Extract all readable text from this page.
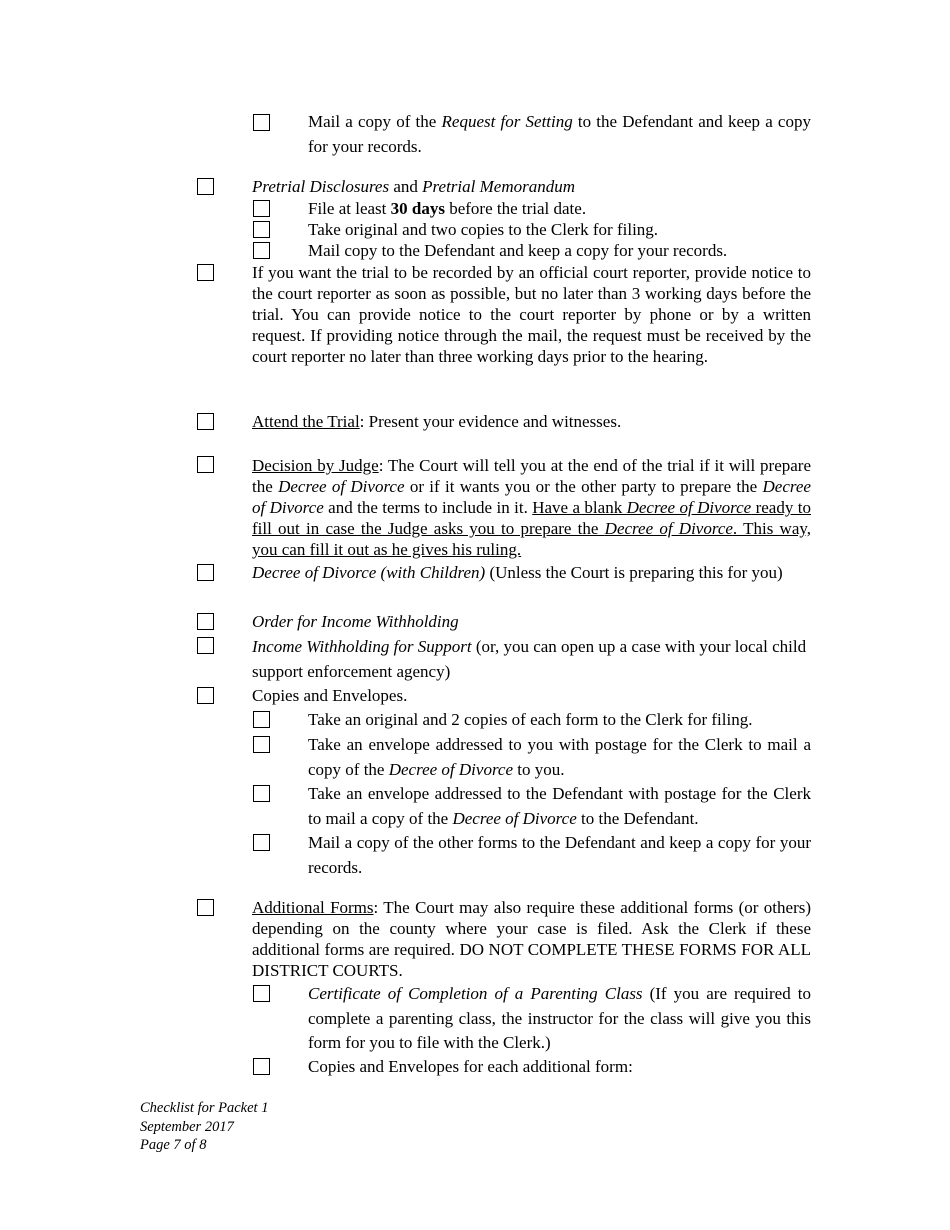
Mail a copy of the Request for Setting to the Defendant and keep a copy for your records.

Pretrial Disclosures and Pretrial Memorandum

File at least 30 days before the trial date.

Take original and two copies to the Clerk for filing.

Mail copy to the Defendant and keep a copy for your records.

If you want the trial to be recorded by an official court reporter, provide notice to the court reporter as soon as possible, but no later than 3 working days before the trial. You can provide notice to the court reporter by phone or by a written request. If providing notice through the mail, the request must be received by the court reporter no later than three working days prior to the hearing.

Attend the Trial: Present your evidence and witnesses.

Decision by Judge: The Court will tell you at the end of the trial if it will prepare the Decree of Divorce or if it wants you or the other party to prepare the Decree of Divorce and the terms to include in it. Have a blank Decree of Divorce ready to fill out in case the Judge asks you to prepare the Decree of Divorce. This way, you can fill it out as he gives his ruling.

Decree of Divorce (with Children) (Unless the Court is preparing this for you)

Order for Income Withholding

Income Withholding for Support (or, you can open up a case with your local child support enforcement agency)

Copies and Envelopes.

Take an original and 2 copies of each form to the Clerk for filing.

Take an envelope addressed to you with postage for the Clerk to mail a copy of the Decree of Divorce to you.

Take an envelope addressed to the Defendant with postage for the Clerk to mail a copy of the Decree of Divorce to the Defendant.

Mail a copy of the other forms to the Defendant and keep a copy for your records.

Additional Forms: The Court may also require these additional forms (or others) depending on the county where your case is filed. Ask the Clerk if these additional forms are required. DO NOT COMPLETE THESE FORMS FOR ALL DISTRICT COURTS.

Certificate of Completion of a Parenting Class (If you are required to complete a parenting class, the instructor for the class will give you this form for you to file with the Clerk.)

Copies and Envelopes for each additional form:

Checklist for Packet 1
September 2017
Page 7 of 8
